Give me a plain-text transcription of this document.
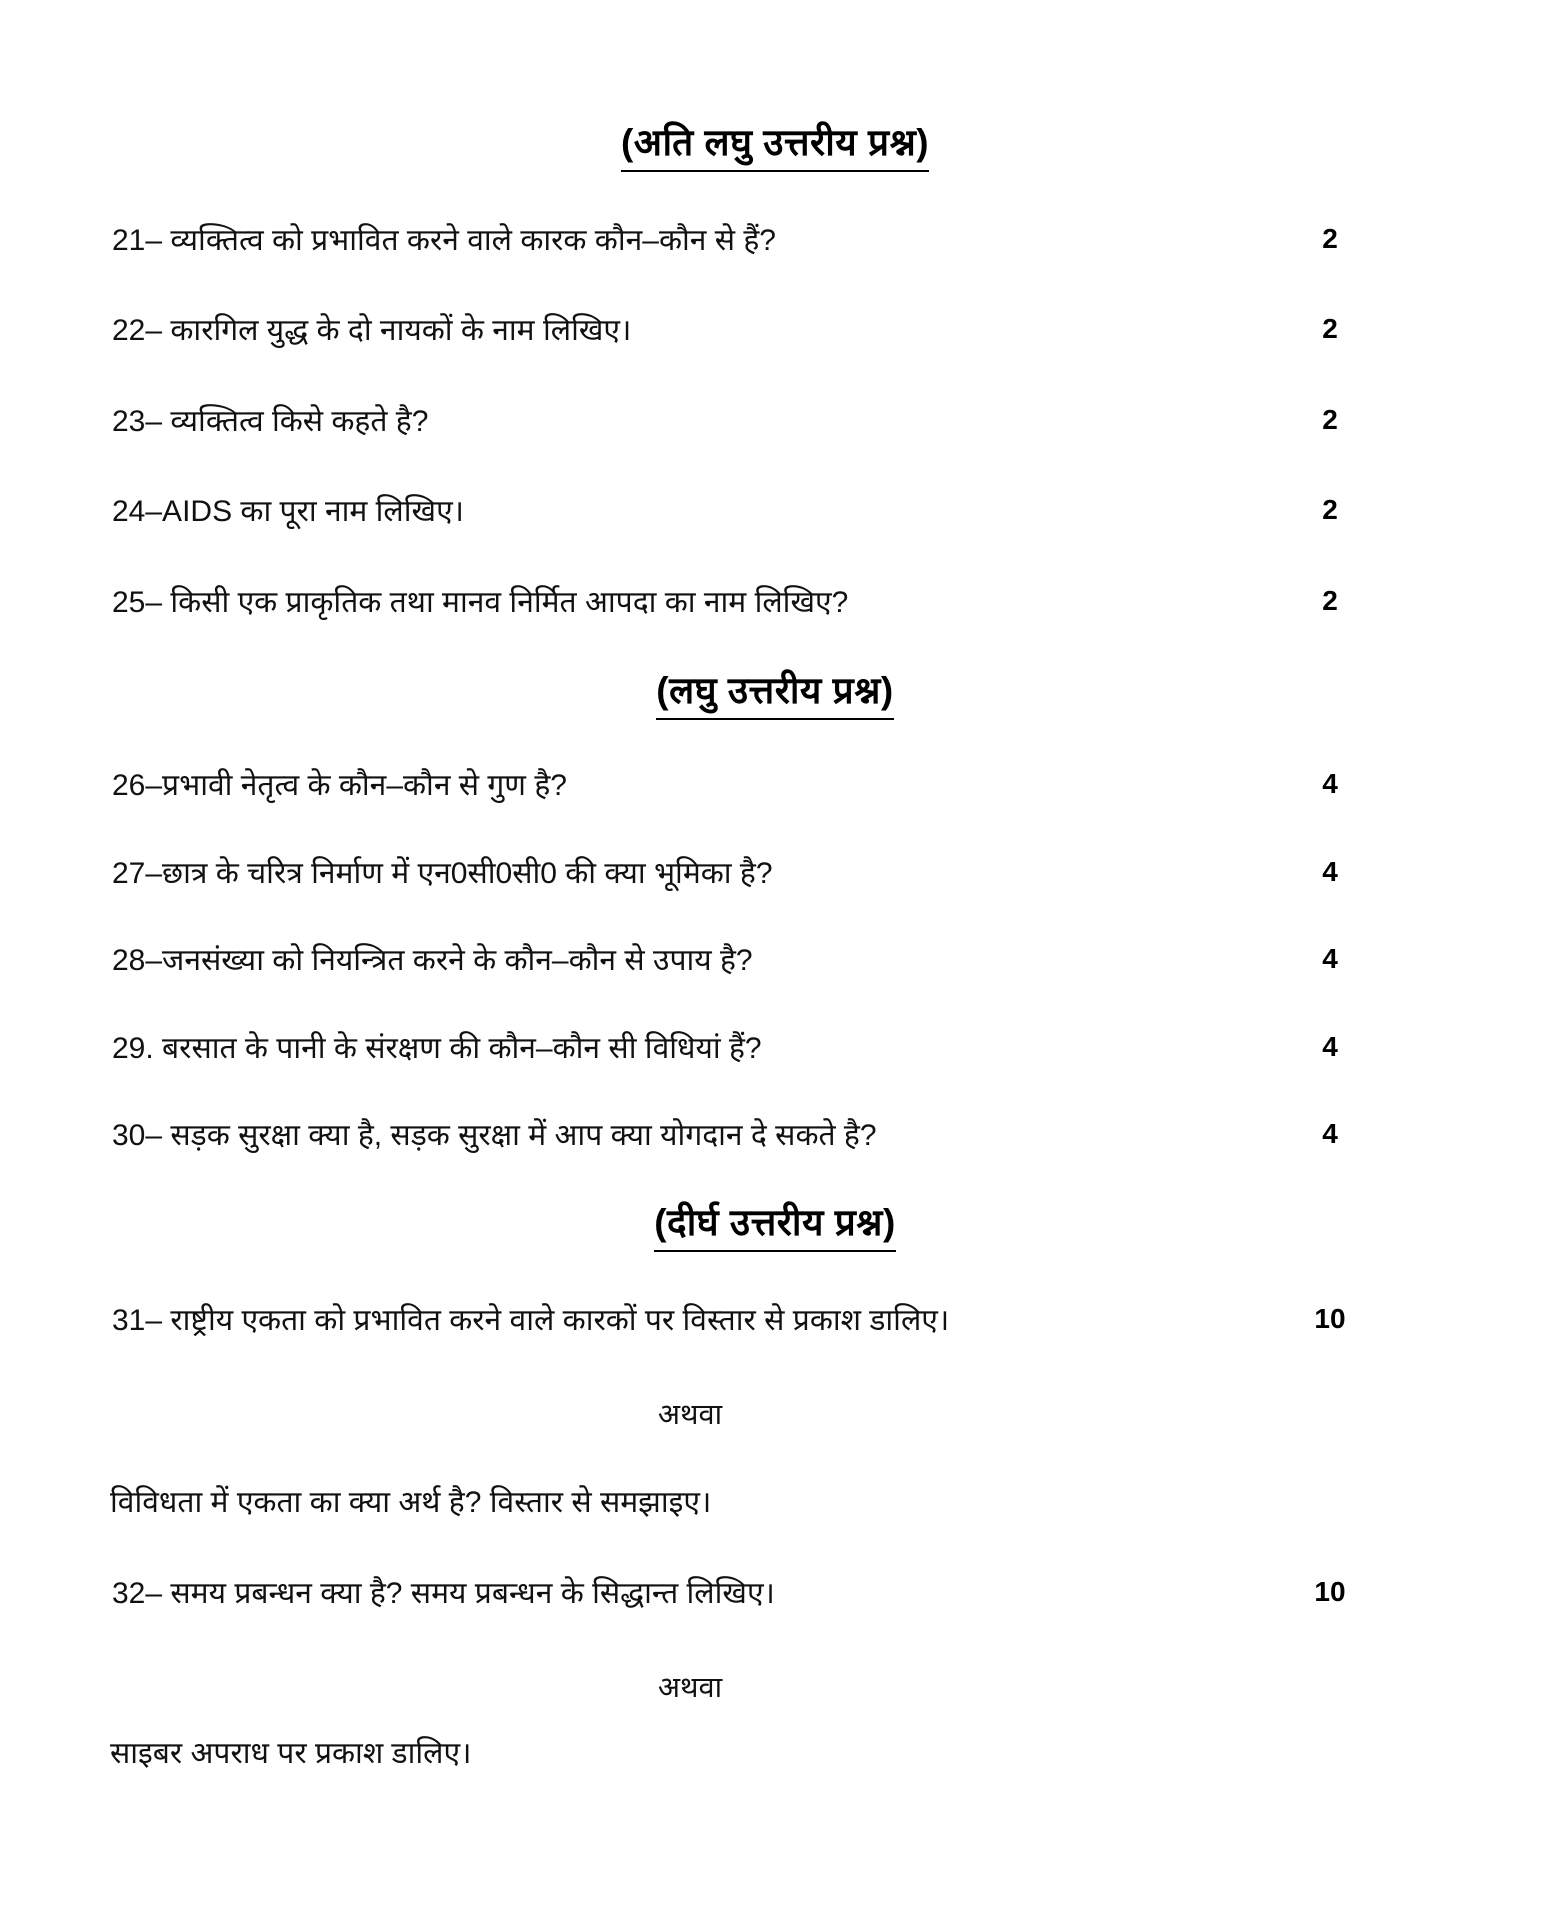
(अति लघु उत्तरीय प्रश्न)
21– व्यक्तित्व को प्रभावित करने वाले कारक कौन–कौन से हैं?	2
22– कारगिल युद्ध के दो नायकों के नाम लिखिए।	2
23– व्यक्तित्व किसे कहते है?	2
24–AIDS का पूरा नाम लिखिए।	2
25– किसी एक प्राकृतिक तथा मानव निर्मित आपदा का नाम लिखिए?	2
(लघु उत्तरीय प्रश्न)
26–प्रभावी नेतृत्व के कौन–कौन से गुण है?	4
27–छात्र के चरित्र निर्माण में एन0सी0सी0 की क्या भूमिका है?	4
28–जनसंख्या को नियन्त्रित करने के कौन–कौन से उपाय है?	4
29. बरसात के पानी के संरक्षण की कौन–कौन सी विधियां हैं?	4
30– सड़क सुरक्षा क्या है, सड़क सुरक्षा में आप क्या योगदान दे सकते है?	4
(दीर्घ उत्तरीय प्रश्न)
31– राष्ट्रीय एकता को प्रभावित करने वाले कारकों पर विस्तार से प्रकाश डालिए।	10
अथवा
विविधता में एकता का क्या अर्थ है? विस्तार से समझाइए।
32– समय प्रबन्धन क्या है? समय प्रबन्धन के सिद्धान्त लिखिए।	10
अथवा
साइबर अपराध पर प्रकाश डालिए।
